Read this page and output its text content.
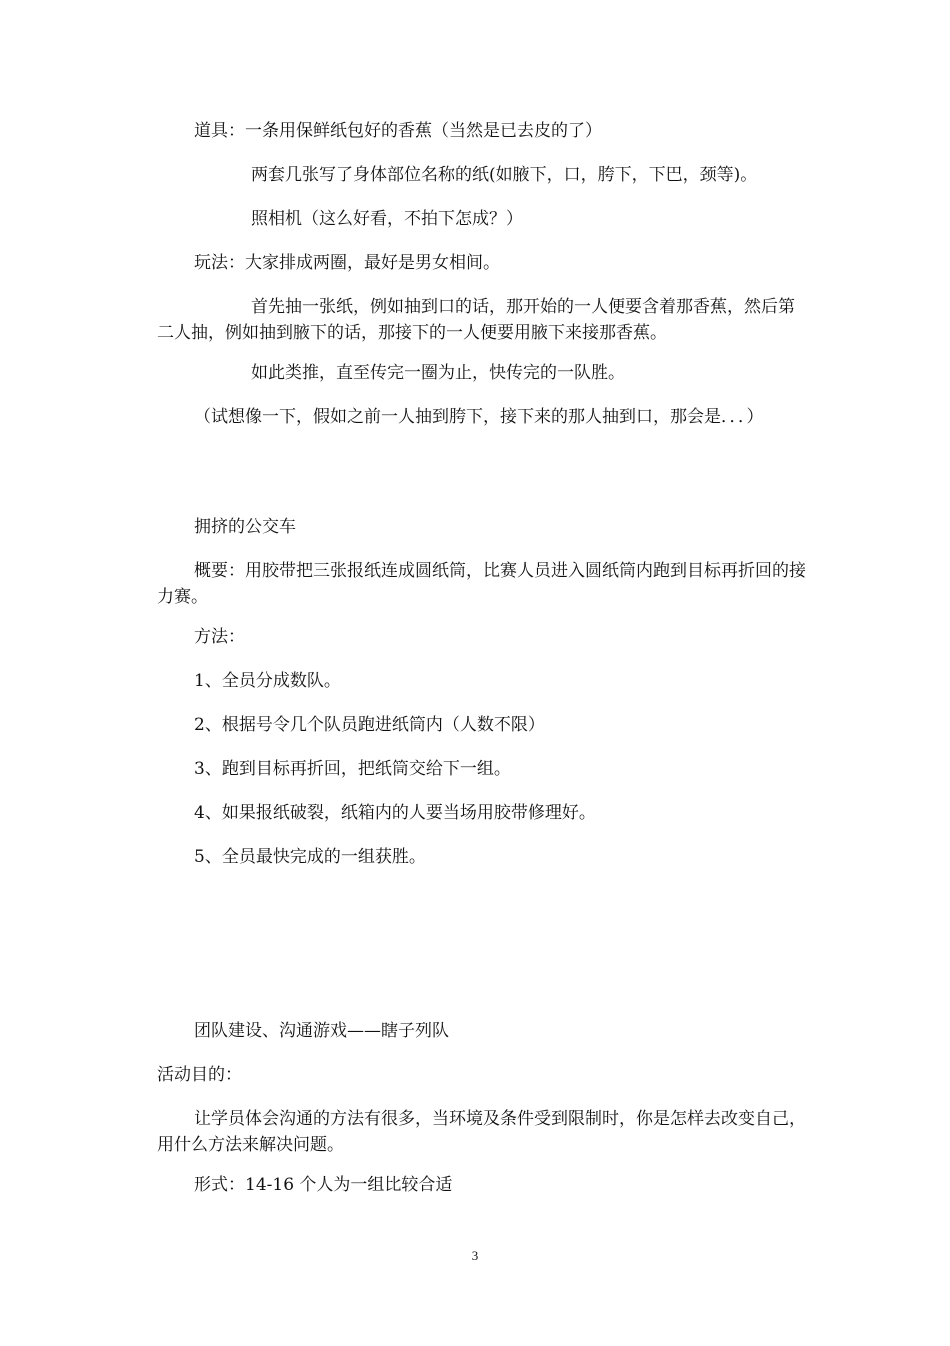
道具：一条用保鲜纸包好的香蕉（当然是已去皮的了）

两套几张写了身体部位名称的纸(如腋下，口，胯下，下巴，颈等)。

照相机（这么好看，不拍下怎成？）

玩法：大家排成两圈，最好是男女相间。

首先抽一张纸，例如抽到口的话，那开始的一人便要含着那香蕉，然后第二人抽，例如抽到腋下的话，那接下的一人便要用腋下来接那香蕉。

如此类推，直至传完一圈为止，快传完的一队胜。

（试想像一下，假如之前一人抽到胯下，接下来的那人抽到口，那会是．．．）

拥挤的公交车

概要：用胶带把三张报纸连成圆纸筒，比赛人员进入圆纸筒内跑到目标再折回的接力赛。

方法：

1、全员分成数队。

2、根据号令几个队员跑进纸筒内（人数不限）

3、跑到目标再折回，把纸筒交给下一组。

4、如果报纸破裂，纸箱内的人要当场用胶带修理好。

5、全员最快完成的一组获胜。

团队建设、沟通游戏——瞎子列队

活动目的：

让学员体会沟通的方法有很多，当环境及条件受到限制时，你是怎样去改变自己，用什么方法来解决问题。

形式：14-16 个人为一组比较合适

3
